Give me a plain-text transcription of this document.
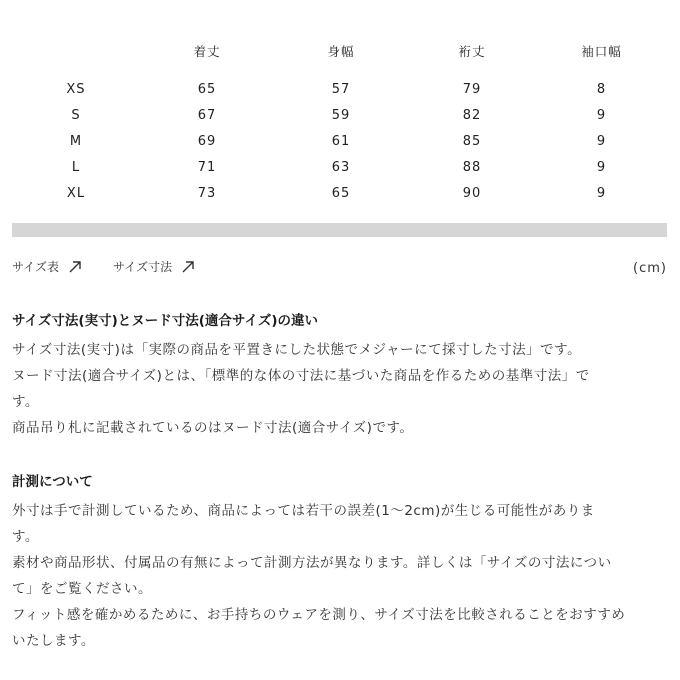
	着丈	身幅	裄丈	袖口幅
XS	65	57	79	8
S	67	59	82	9
M	69	61	85	9
L	71	63	88	9
XL	73	65	90	9
サイズ表	サイズ寸法	(cm)

サイズ寸法(実寸)とヌード寸法(適合サイズ)の違い

サイズ寸法(実寸)は「実際の商品を平置きにした状態でメジャーにて採寸した寸法」です。

ヌード寸法(適合サイズ)とは、「標準的な体の寸法に基づいた商品を作るための基準寸法」で

す。

商品吊り札に記載されているのはヌード寸法(適合サイズ)です。

計測について

外寸は手で計測しているため、商品によっては若干の誤差(1〜2cm)が生じる可能性がありま

す。

素材や商品形状、付属品の有無によって計測方法が異なります。詳しくは「サイズの寸法につい

て」をご覧ください。

フィット感を確かめるために、お手持ちのウェアを測り、サイズ寸法を比較されることをおすすめ

いたします。
